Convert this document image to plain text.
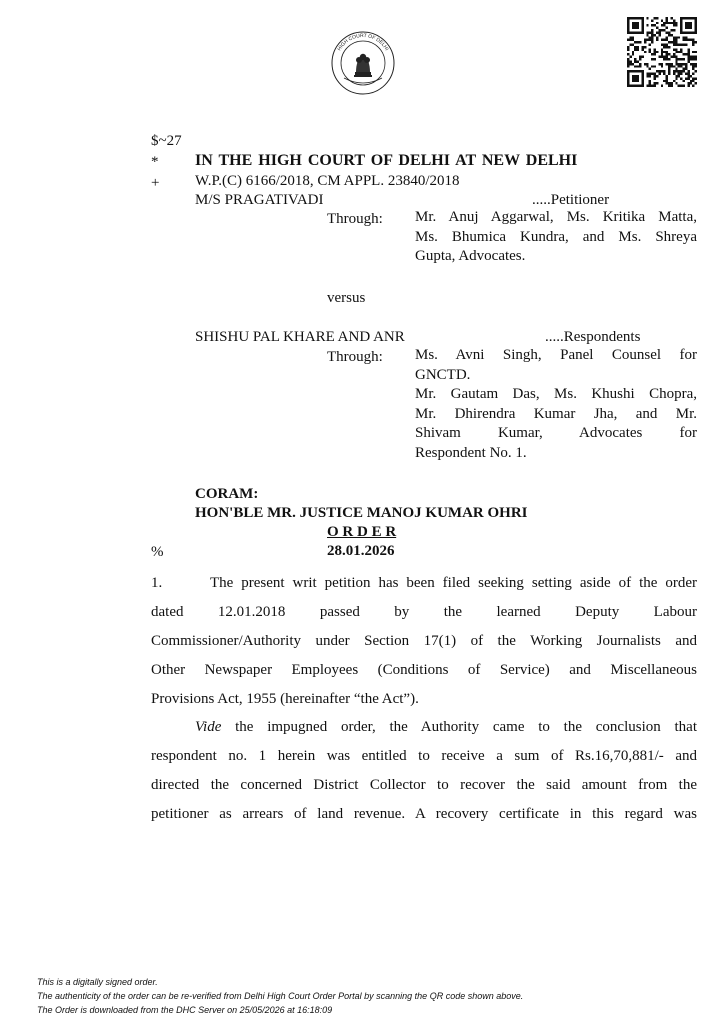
HIGH COURT OF DELHI
$~27
* IN THE HIGH COURT OF DELHI AT NEW DELHI
+ W.P.(C) 6166/2018, CM APPL. 23840/2018
M/S PRAGATIVADI	.....Petitioner
Through: Mr. Anuj Aggarwal, Ms. Kritika Matta,
Ms. Bhumica Kundra, and Ms. Shreya
Gupta, Advocates.
versus
SHISHU PAL KHARE AND ANR	.....Respondents
Through: Ms. Avni Singh, Panel Counsel for
GNCTD.
Mr. Gautam Das, Ms. Khushi Chopra,
Mr. Dhirendra Kumar Jha, and Mr.
Shivam Kumar, Advocates for
Respondent No. 1.
CORAM:
HON'BLE MR. JUSTICE MANOJ KUMAR OHRI
O R D E R
%	28.01.2026
1.      The present writ petition has been filed seeking setting aside of the order
dated 12.01.2018 passed by the learned Deputy Labour
Commissioner/Authority under Section 17(1) of the Working Journalists and
Other Newspaper Employees (Conditions of Service) and Miscellaneous
Provisions Act, 1955 (hereinafter “the Act”).
Vide the impugned order, the Authority came to the conclusion that
respondent no. 1 herein was entitled to receive a sum of Rs.16,70,881/- and
directed the concerned District Collector to recover the said amount from the
petitioner as arrears of land revenue. A recovery certificate in this regard was
This is a digitally signed order.
The authenticity of the order can be re-verified from Delhi High Court Order Portal by scanning the QR code shown above.
The Order is downloaded from the DHC Server on 25/05/2026 at 16:18:09
